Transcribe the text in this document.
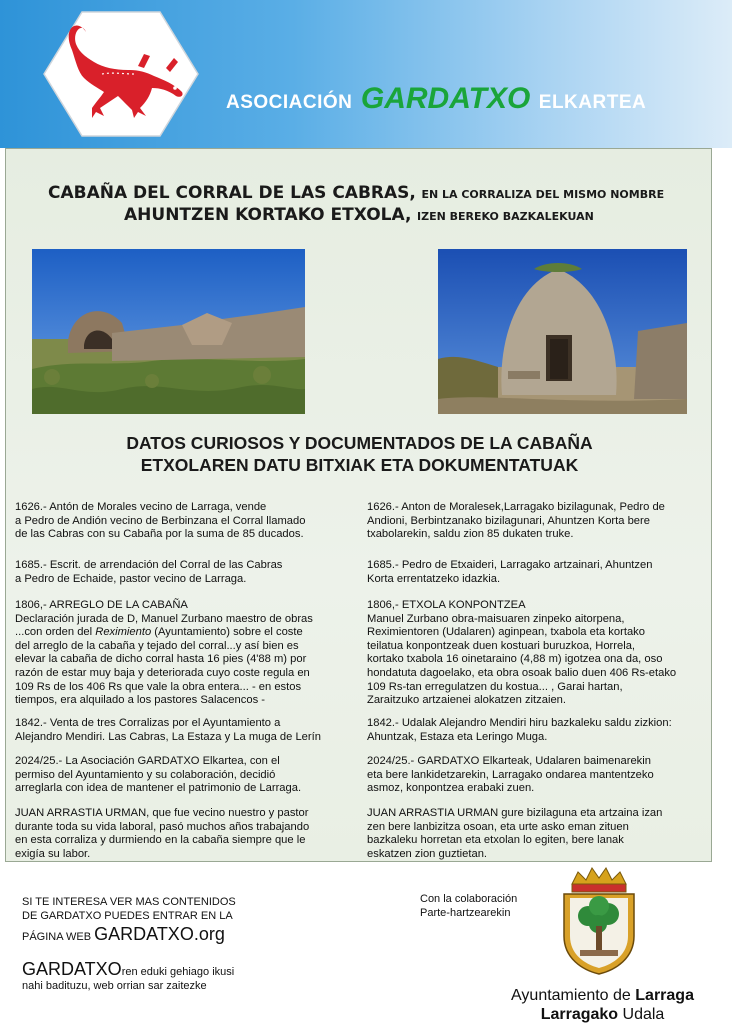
ASOCIACIÓN GARDATXO ELKARTEA
CABAÑA DEL CORRAL DE LAS CABRAS, EN LA CORRALIZA DEL MISMO NOMBRE
AHUNTZEN KORTAKO ETXOLA, IZEN BEREKO BAZKALEKUAN
DATOS CURIOSOS Y DOCUMENTADOS DE LA CABAÑA
ETXOLAREN DATU BITXIAK ETA DOKUMENTATUAK

1626.- Antón de Morales vecino de Larraga, vende

a Pedro de Andión vecino de Berbinzana el Corral llamado

de las Cabras con su Cabaña por la suma de 85 ducados.

1685.- Escrit. de arrendación del Corral de las Cabras

a Pedro de Echaide, pastor vecino de Larraga.

1806,- ARREGLO DE LA CABAÑA

Declaración jurada de D, Manuel Zurbano maestro de obras

...con orden del Reximiento (Ayuntamiento) sobre el coste

del arreglo de la cabaña y tejado del corral...y así bien es

elevar la cabaña de dicho corral hasta 16 pies (4'88 m) por

razón de estar muy baja y deteriorada cuyo coste regula en

109 Rs de los 406 Rs que vale la obra entera... - en estos

tiempos, era alquilado a los pastores Salacencos -

1842.- Venta de tres Corralizas por el Ayuntamiento a

Alejandro Mendiri. Las Cabras, La Estaza y La muga de Lerín

2024/25.- La Asociación GARDATXO Elkartea, con el

permiso del Ayuntamiento y su colaboración, decidió

arreglarla con idea de mantener el patrimonio de Larraga.

JUAN ARRASTIA URMAN, que fue vecino nuestro y pastor

durante toda su vida laboral, pasó muchos años trabajando

en esta corraliza y durmiendo en la cabaña siempre que le

exigía su labor.

1626.- Anton de Moralesek,Larragako bizilagunak, Pedro de

Andioni, Berbintzanako bizilagunari, Ahuntzen Korta bere

txabolarekin, saldu zion 85 dukaten truke.

1685.- Pedro de Etxaideri, Larragako artzainari, Ahuntzen

Korta errentatzeko idazkia.

1806,- ETXOLA KONPONTZEA

Manuel Zurbano obra-maisuaren zinpeko aitorpena,

Reximientoren (Udalaren) aginpean, txabola eta kortako

teilatua konpontzeak duen kostuari buruzkoa, Horrela,

kortako txabola 16 oinetaraino (4,88 m) igotzea ona da, oso

hondatuta dagoelako, eta obra osoak balio duen 406 Rs-etako

109 Rs-tan erregulatzen du kostua... , Garai hartan,

Zaraitzuko artzaienei alokatzen zitzaien.

1842.- Udalak Alejandro Mendiri hiru bazkaleku saldu zizkion:

Ahuntzak, Estaza eta Leringo Muga.

2024/25.- GARDATXO Elkarteak, Udalaren baimenarekin

eta bere lankidetzarekin, Larragako ondarea mantentzeko

asmoz, konpontzea erabaki zuen.

JUAN ARRASTIA URMAN gure bizilaguna eta artzaina izan

zen bere lanbizitza osoan, eta urte asko eman zituen

bazkaleku horretan eta etxolan lo egiten, bere lanak

eskatzen zion guztietan.

SI TE INTERESA VER MAS CONTENIDOS
DE GARDATXO PUEDES ENTRAR EN LA
PÁGINA WEB GARDATXO.org
GARDATXOren eduki gehiago ikusi
nahi badituzu, web orrian sar zaitezke
Con la colaboración
Parte-hartzearekin
Ayuntamiento de Larraga
Larragako Udala
